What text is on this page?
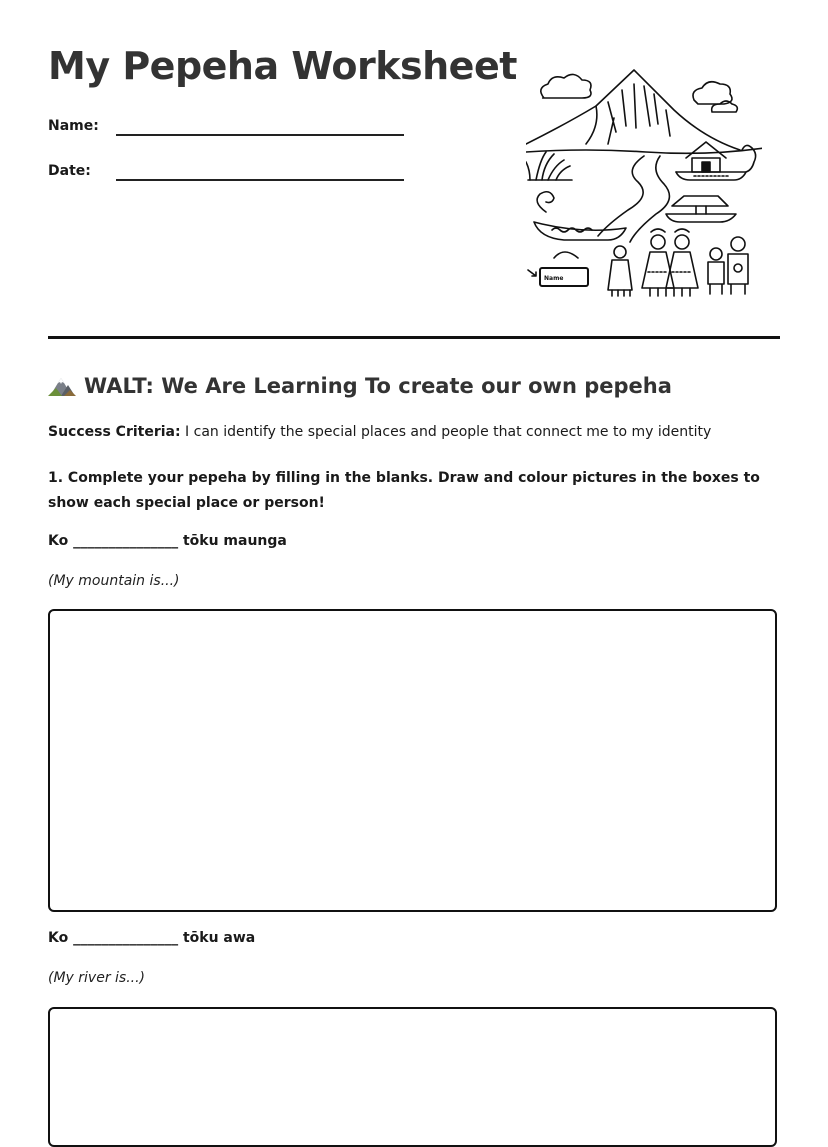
My Pepeha Worksheet
Name:
Date:
Name
WALT: We Are Learning To create our own pepeha
Success Criteria: I can identify the special places and people that connect me to my identity
1. Complete your pepeha by filling in the blanks. Draw and colour pictures in the boxes to show each special place or person!
Ko _______________ tōku maunga
(My mountain is...)
Ko _______________ tōku awa
(My river is...)
